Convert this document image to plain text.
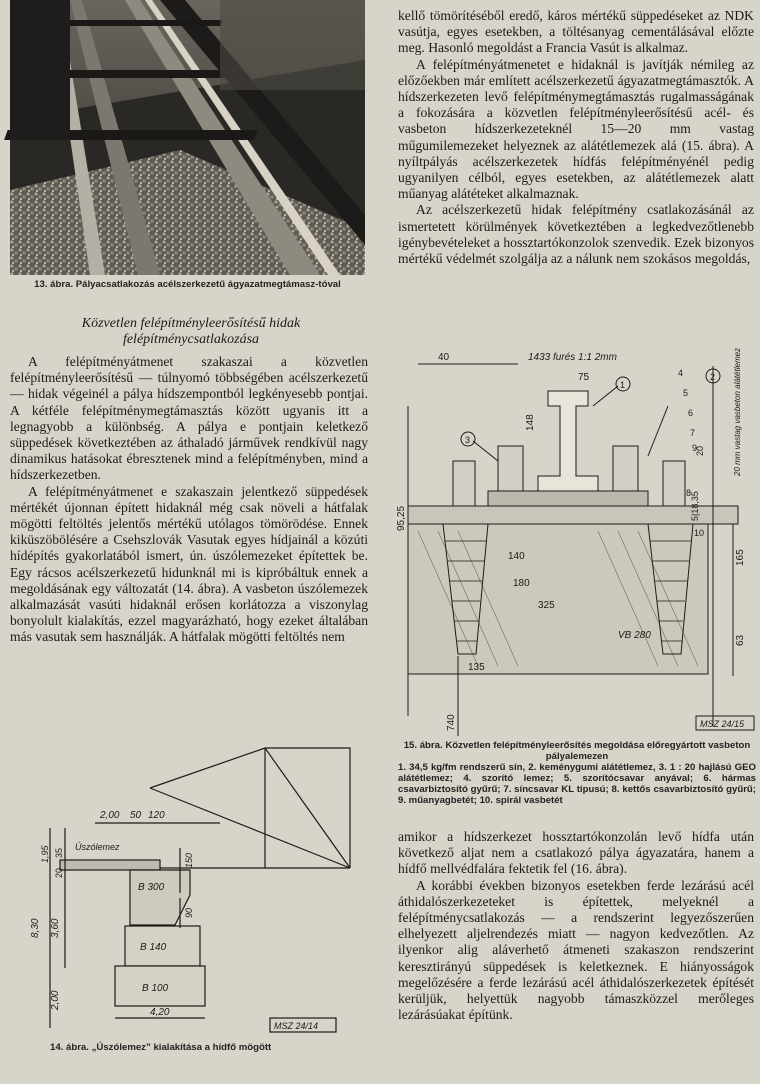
13. ábra. Pályacsatlakozás acélszerkezetű ágyazatmegtámasz-tóval
Közvetlen felépítményleerősítésű hidak
felépítménycsatlakozása

A felépítményátmenet szakaszai a közvetlen felépítményleerősítésű — túlnyomó többségében acélszerkezetű — hidak végeinél a pálya hídszempontból legkényesebb pontjai. A kétféle felépítménymegtámasztás között ugyanis itt a legnagyobb a különbség. A pálya e pontjain keletkező süppedések következtében az áthaladó járművek rendkívül nagy dinamikus hatásokat ébresztenek mind a felépítményben, mind a hídszerkezetben.

A felépítményátmenet e szakaszain jelentkező süppedések mértékét újonnan épített hidaknál még csak növeli a hátfalak mögötti feltöltés jelentős mértékű utólagos tömörödése. Ennek kiküszöbölésére a Csehszlovák Vasutak egyes hídjainál a közúti hídépítés gyakorlatából ismert, ún. úszólemezeket építettek be. Egy rácsos acélszerkezetű hidunknál mi is kipróbáltuk ennek a megoldásának egy változatát (14. ábra). A vasbeton úszólemezek alkalmazását vasúti hidaknál erősen korlátozza a viszonylag bonyolult kialakítás, ezzel magyarázható, hogy ezeket általában más vasutak sem használják. A hátfalak mögötti feltöltés nem

kellő tömörítéséből eredő, káros mértékű süppedéseket az NDK vasútja, egyes esetekben, a töltésanyag cementálásával előzte meg. Hasonló megoldást a Francia Vasút is alkalmaz.

A felépítményátmenetet e hidaknál is javítják némileg az előzőekben már említett acélszerkezetű ágyazatmegtámasztók. A hídszerkezeten levő felépítménymegtámasztás rugalmasságának a fokozására a közvetlen felépítményleerősítésű acél- és vasbeton hídszerkezeteknél 15—20 mm vastag műgumilemezeket helyeznek az alátétlemezek alá (15. ábra). A nyíltpályás acélszerkezetek hídfás felépítményénél pedig ugyanilyen célból, egyes esetekben, az alátétlemezek alatt műanyag alátéteket alkalmaznak.

Az acélszerkezetű hidak felépítmény csatlakozásánál az ismertetett körülmények következtében a legkedvezőtlenebb igénybevételeket a hossztartókonzolok szenvedik. Ezek bizonyos mértékű védelmét szolgálja az a nálunk nem szokásos megoldás,

40	1433 furés 1:1 2mm
75
148
95,25
140
180
325
VB 280
135
740
165
63
5|18,35
20	20 mm vastag vasbeton alátétlemez
1
2
3
4
5
6
7
8
9
10
MSZ 24/15
15. ábra. Közvetlen felépítményleerősítés megoldása előregyártott vasbeton pályalemezen
1. 34,5 kg/fm rendszerű sín, 2. keménygumi alátétlemez, 3. 1 : 20 hajlású GEO alátétlemez; 4. szorító lemez; 5. szorítócsavar anyával; 6. hármas csavarbiztosító gyűrű; 7. síncsavar KL típusú; 8. kettős csavarbiztosító gyűrű; 9. műanyagbetét; 10. spirál vasbetét
2,00 50 120
Úszólemez
1,95 35
20
150
90
B 300
8,30 3,60
B 140
2,00
B 100
4,20
MSZ 24/14
14. ábra. „Úszólemez” kialakítása a hídfő mögött

amikor a hídszerkezet hossztartókonzolán levő hídfa után következő aljat nem a csatlakozó pálya ágyazatára, hanem a hídfő mellvédfalára fektetik fel (16. ábra).

A korábbi években bizonyos esetekben ferde lezárású acél áthidalószerkezeteket is építettek, melyeknél a felépítménycsatlakozás — a rendszerint legyezőszerűen elhelyezett aljelrendezés miatt — nagyon kedvezőtlen. Az ilyenkor alig aláverhető átmeneti szakaszon rendszerint keresztirányú süppedések is keletkeznek. E hiányosságok megelőzésére a ferde lezárású acél áthidalószerkezetek építését kerüljük, helyettük nagyobb támaszközzel merőleges lezárásúakat építünk.
